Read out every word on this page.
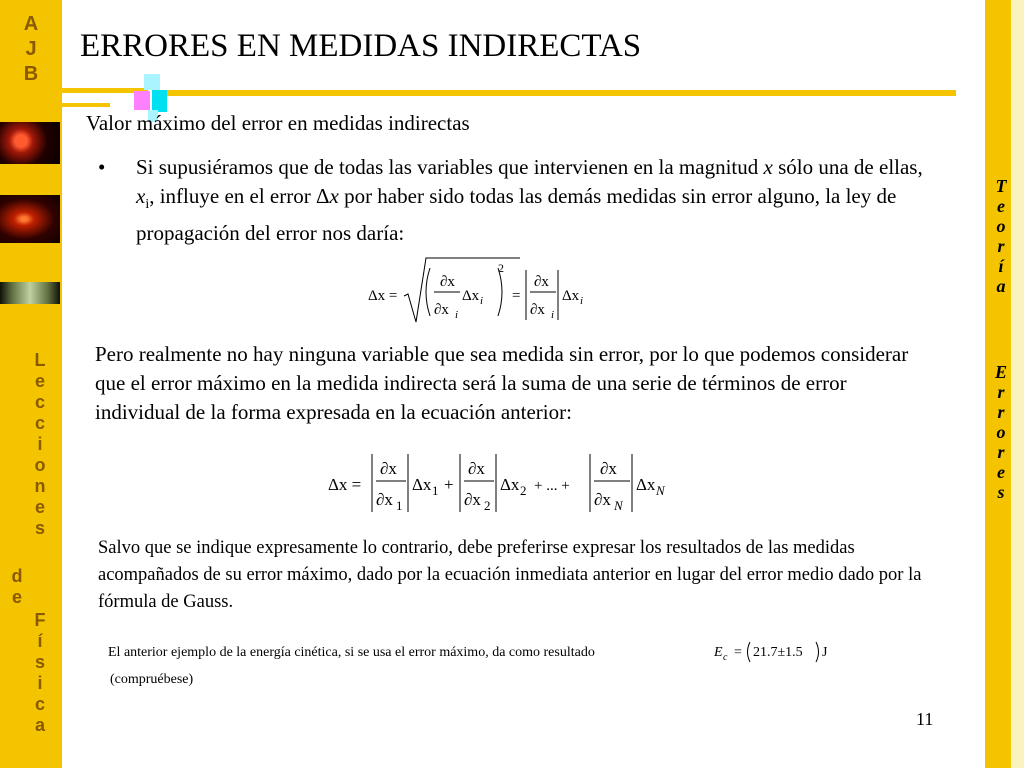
A
J
B
L
e
c
c
i
o
n
e
s
d
e
F
í
s
i
c
a
T
e
o
r
í
a
E
r
r
o
r
e
s
ERRORES EN MEDIDAS INDIRECTAS
Valor máximo del error en medidas indirectas
• Si supusiéramos que de todas las variables que intervienen en la magnitud x sólo una de ellas, $x_i$, influye en el error Δx por haber sido todas las demás medidas sin error alguno, la ley de propagación del error nos daría:
Δx =
∂x
∂x i
Δx i
2
=
∂x
∂x i
Δx i
Pero realmente no hay ninguna variable que sea medida sin error, por lo que podemos considerar que el error máximo en la medida indirecta será la suma de una serie de términos de error individual de la forma expresada en la ecuación anterior:
Δx =
∂x
∂x 1
Δx 1 +
∂x
∂x 2
Δx 2 + ... +
∂x
∂x N
Δx N
Salvo que se indique expresamente lo contrario, debe preferirse expresar los resultados de las medidas acompañados de su error máximo, dado por la ecuación inmediata anterior en lugar del error medio dado por la fórmula de Gauss.
El anterior ejemplo de la energía cinética, si se usa el error máximo, da como resultado	E c = 21.7±1.5 J
(compruébese)
11
